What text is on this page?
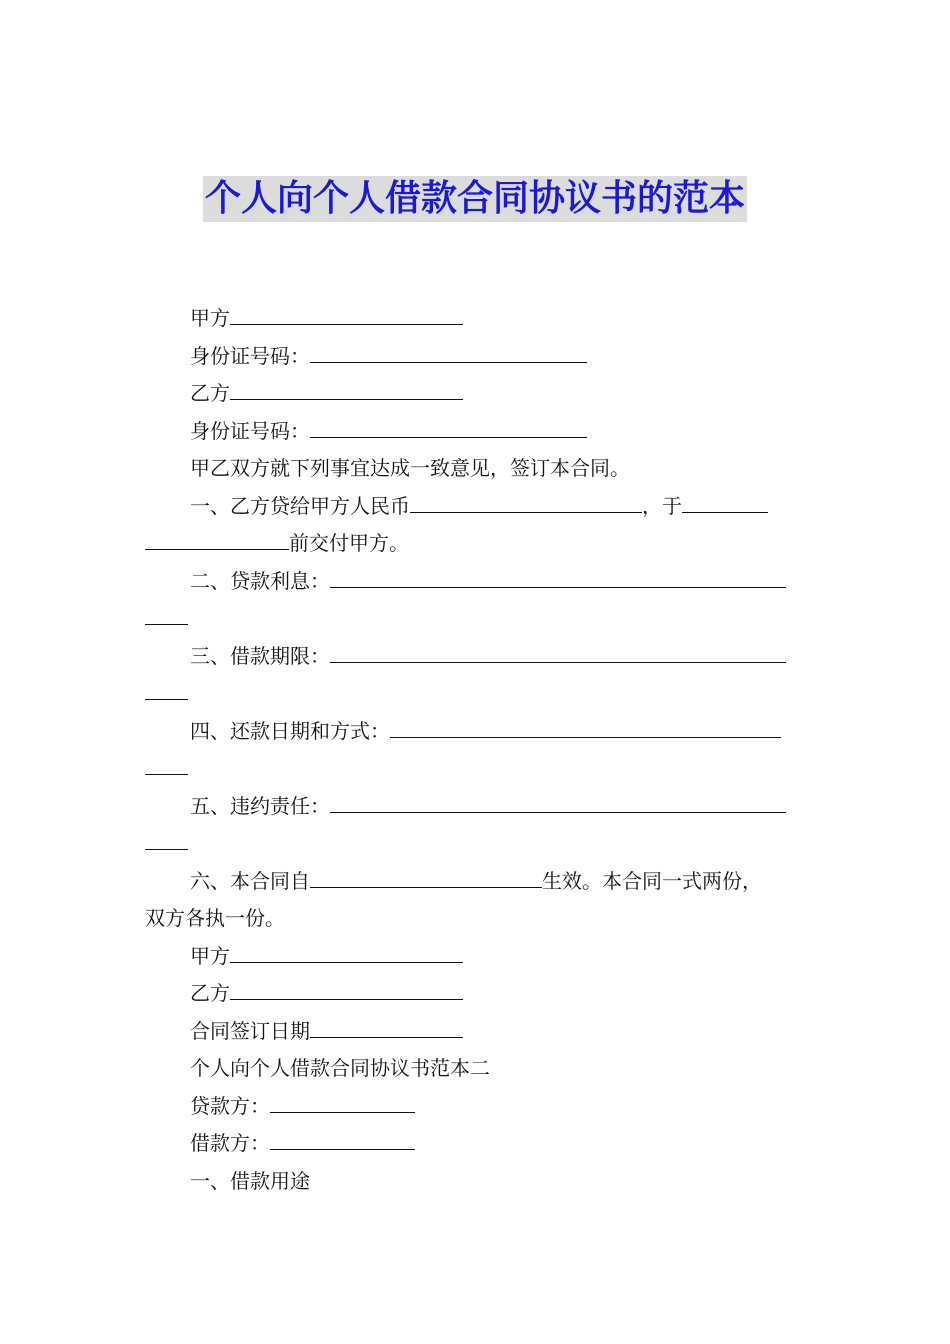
个人向个人借款合同协议书的范本

甲方

身份证号码：

乙方

身份证号码：

甲乙双方就下列事宜达成一致意见，签订本合同。

一、乙方贷给甲方人民币	，于

前交付甲方。

二、贷款利息：

三、借款期限：

四、还款日期和方式：

五、违约责任：

六、本合同自	生效。本合同一式两份，

双方各执一份。

甲方

乙方

合同签订日期

个人向个人借款合同协议书范本二

贷款方：

借款方：

一、借款用途
